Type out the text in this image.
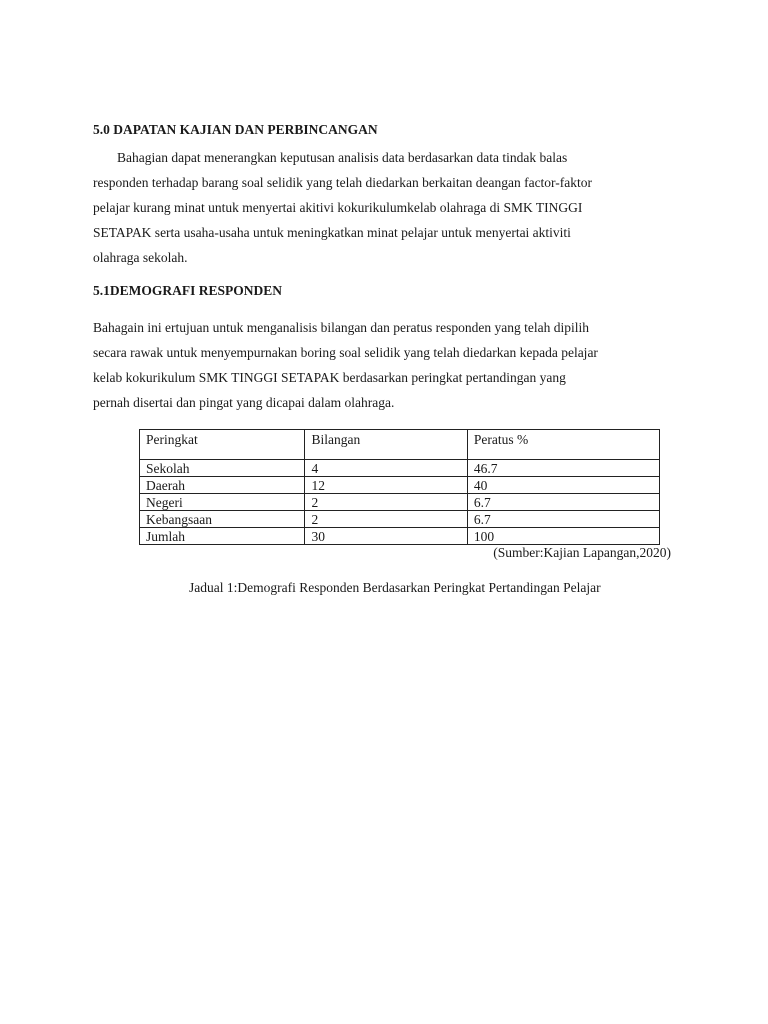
5.0 DAPATAN KAJIAN DAN PERBINCANGAN

Bahagian dapat menerangkan keputusan analisis data berdasarkan data tindak balas
responden terhadap barang soal selidik yang telah diedarkan berkaitan deangan factor-faktor
pelajar kurang minat untuk menyertai akitivi kokurikulumkelab olahraga di SMK TINGGI
SETAPAK serta usaha-usaha untuk meningkatkan minat pelajar untuk menyertai aktiviti
olahraga sekolah.

5.1DEMOGRAFI RESPONDEN

Bahagain ini ertujuan untuk menganalisis bilangan dan peratus responden yang telah dipilih
secara rawak untuk menyempurnakan boring soal selidik yang telah diedarkan kepada pelajar
kelab kokurikulum SMK TINGGI SETAPAK berdasarkan peringkat pertandingan yang
pernah disertai dan pingat yang dicapai dalam olahraga.

Peringkat	Bilangan	Peratus %
Sekolah	4	46.7
Daerah	12	40
Negeri	2	6.7
Kebangsaan	2	6.7
Jumlah	30	100
(Sumber:Kajian Lapangan,2020)
Jadual 1:Demografi Responden Berdasarkan Peringkat Pertandingan Pelajar
